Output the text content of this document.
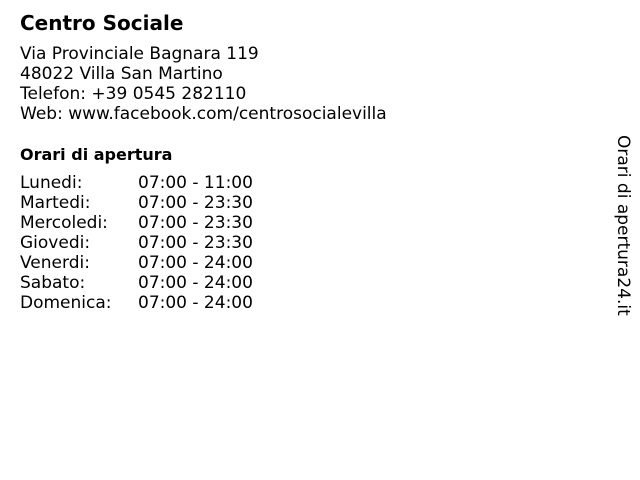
Centro Sociale
Via Provinciale Bagnara 119
48022 Villa San Martino
Telefon: +39 0545 282110
Web: www.facebook.com/centrosocialevilla
Orari di apertura
Lunedi:	07:00 - 11:00
Martedi:	07:00 - 23:30
Mercoledi:	07:00 - 23:30
Giovedi:	07:00 - 23:30
Venerdi:	07:00 - 24:00
Sabato:	07:00 - 24:00
Domenica:	07:00 - 24:00	Orari di apertura24.it
